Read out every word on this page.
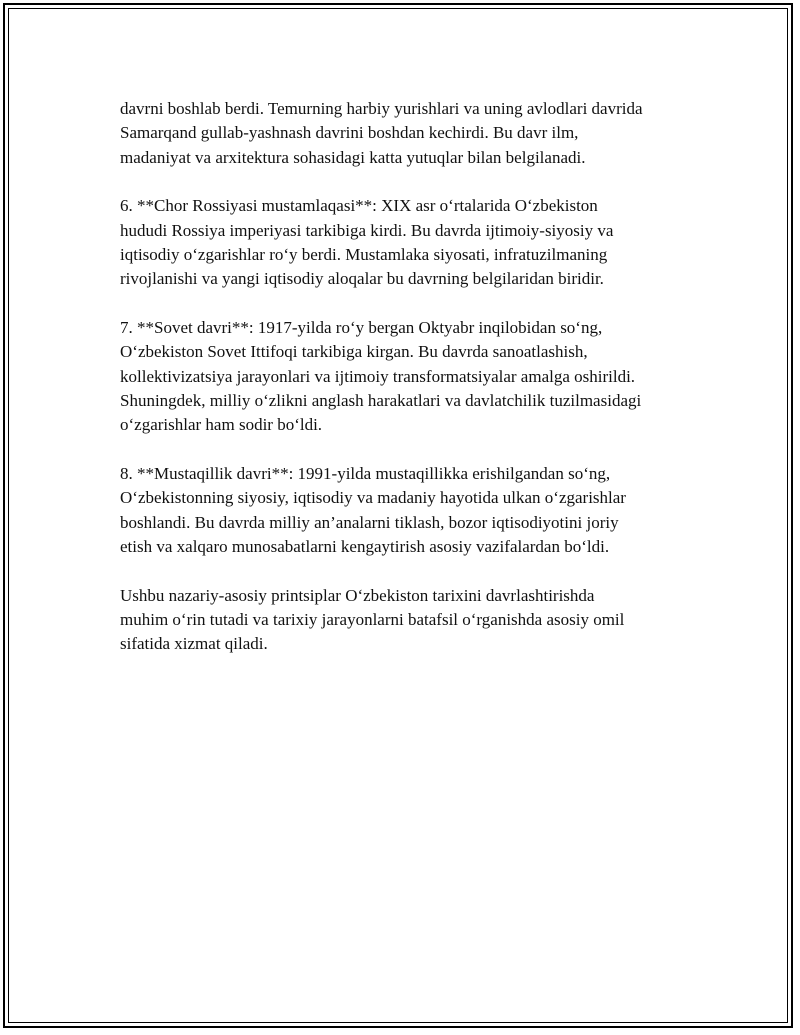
davrni boshlab berdi. Temurning harbiy yurishlari va uning avlodlari davrida
Samarqand gullab-yashnash davrini boshdan kechirdi. Bu davr ilm,
madaniyat va arxitektura sohasidagi katta yutuqlar bilan belgilanadi.

6. **Chor Rossiyasi mustamlaqasi**: XIX asr o‘rtalarida O‘zbekiston
hududi Rossiya imperiyasi tarkibiga kirdi. Bu davrda ijtimoiy-siyosiy va
iqtisodiy o‘zgarishlar ro‘y berdi. Mustamlaka siyosati, infratuzilmaning
rivojlanishi va yangi iqtisodiy aloqalar bu davrning belgilaridan biridir.

7. **Sovet davri**: 1917-yilda ro‘y bergan Oktyabr inqilobidan so‘ng,
O‘zbekiston Sovet Ittifoqi tarkibiga kirgan. Bu davrda sanoatlashish,
kollektivizatsiya jarayonlari va ijtimoiy transformatsiyalar amalga oshirildi.
Shuningdek, milliy o‘zlikni anglash harakatlari va davlatchilik tuzilmasidagi
o‘zgarishlar ham sodir bo‘ldi.

8. **Mustaqillik davri**: 1991-yilda mustaqillikka erishilgandan so‘ng,
O‘zbekistonning siyosiy, iqtisodiy va madaniy hayotida ulkan o‘zgarishlar
boshlandi. Bu davrda milliy an’analarni tiklash, bozor iqtisodiyotini joriy
etish va xalqaro munosabatlarni kengaytirish asosiy vazifalardan bo‘ldi.

Ushbu nazariy-asosiy printsiplar O‘zbekiston tarixini davrlashtirishda
muhim o‘rin tutadi va tarixiy jarayonlarni batafsil o‘rganishda asosiy omil
sifatida xizmat qiladi.
